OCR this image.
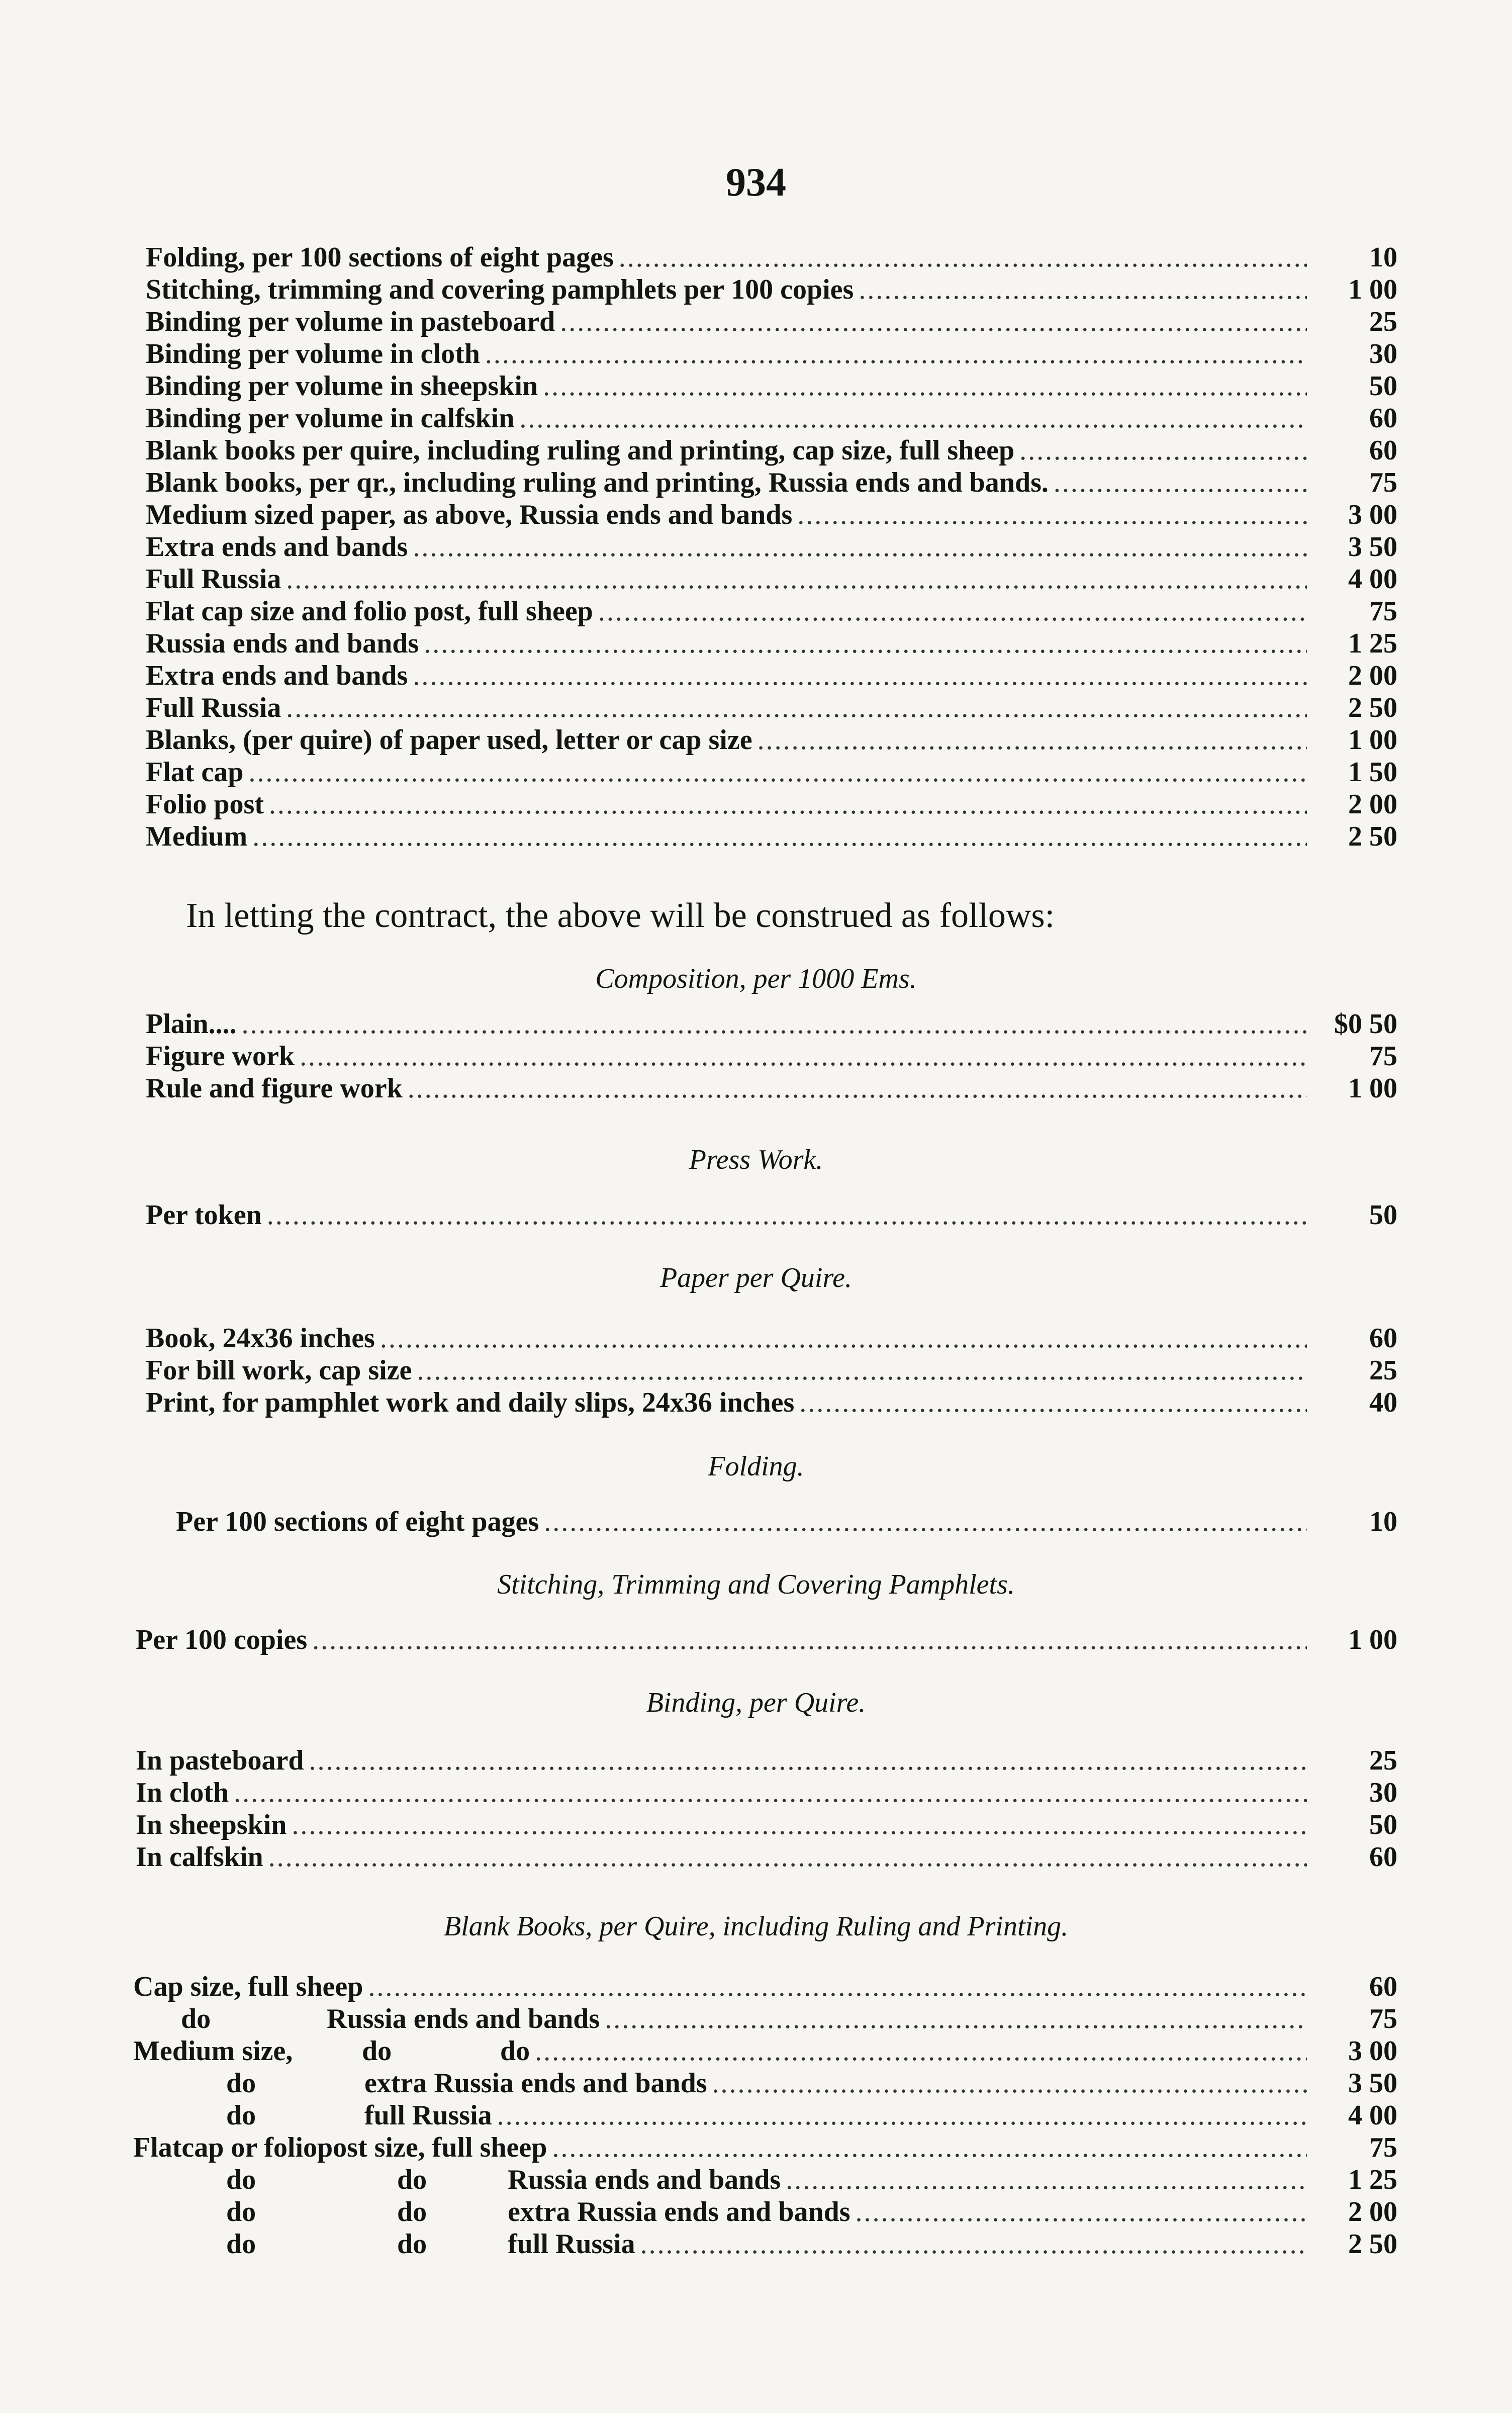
934
Folding, per 100 sections of eight pages .....	10
Stitching, trimming and covering pamphlets per 100 copies .....	1 00
Binding per volume in pasteboard .....	25
Binding per volume in cloth .....	30
Binding per volume in sheepskin .....	50
Binding per volume in calfskin .....	60
Blank books per quire, including ruling and printing, cap size, full sheep .....	60
Blank books, per qr., including ruling and printing, Russia ends and bands. .....	75
Medium sized paper, as above, Russia ends and bands .....	3 00
Extra ends and bands .....	3 50
Full Russia .....	4 00
Flat cap size and folio post, full sheep .....	75
Russia ends and bands .....	1 25
Extra ends and bands .....	2 00
Full Russia .....	2 50
Blanks, (per quire) of paper used, letter or cap size .....	1 00
Flat cap .....	1 50
Folio post .....	2 00
Medium .....	2 50
In letting the contract, the above will be construed as follows:
Composition, per 1000 Ems.
Plain.... .....	$0 50
Figure work .....	75
Rule and figure work .....	1 00
Press Work.
Per token .....	50
Paper per Quire.
Book, 24x36 inches .....	60
For bill work, cap size .....	25
Print, for pamphlet work and daily slips, 24x36 inches .....	40
Folding.
Per 100 sections of eight pages .....	10
Stitching, Trimming and Covering Pamphlets.
Per 100 copies .....	1 00
Binding, per Quire.
In pasteboard .....	25
In cloth .....	30
In sheepskin .....	50
In calfskin .....	60
Blank Books, per Quire, including Ruling and Printing.
Cap size, full sheep .....	60
do	Russia ends and bands .....	75
Medium size, do	do .....	3 00
do	extra Russia ends and bands .....	3 50
do	full Russia .....	4 00
Flatcap or foliopost size, full sheep .....	75
do	do	Russia ends and bands .....	1 25
do	do	extra Russia ends and bands .....	2 00
do	do	full Russia .....	2 50
